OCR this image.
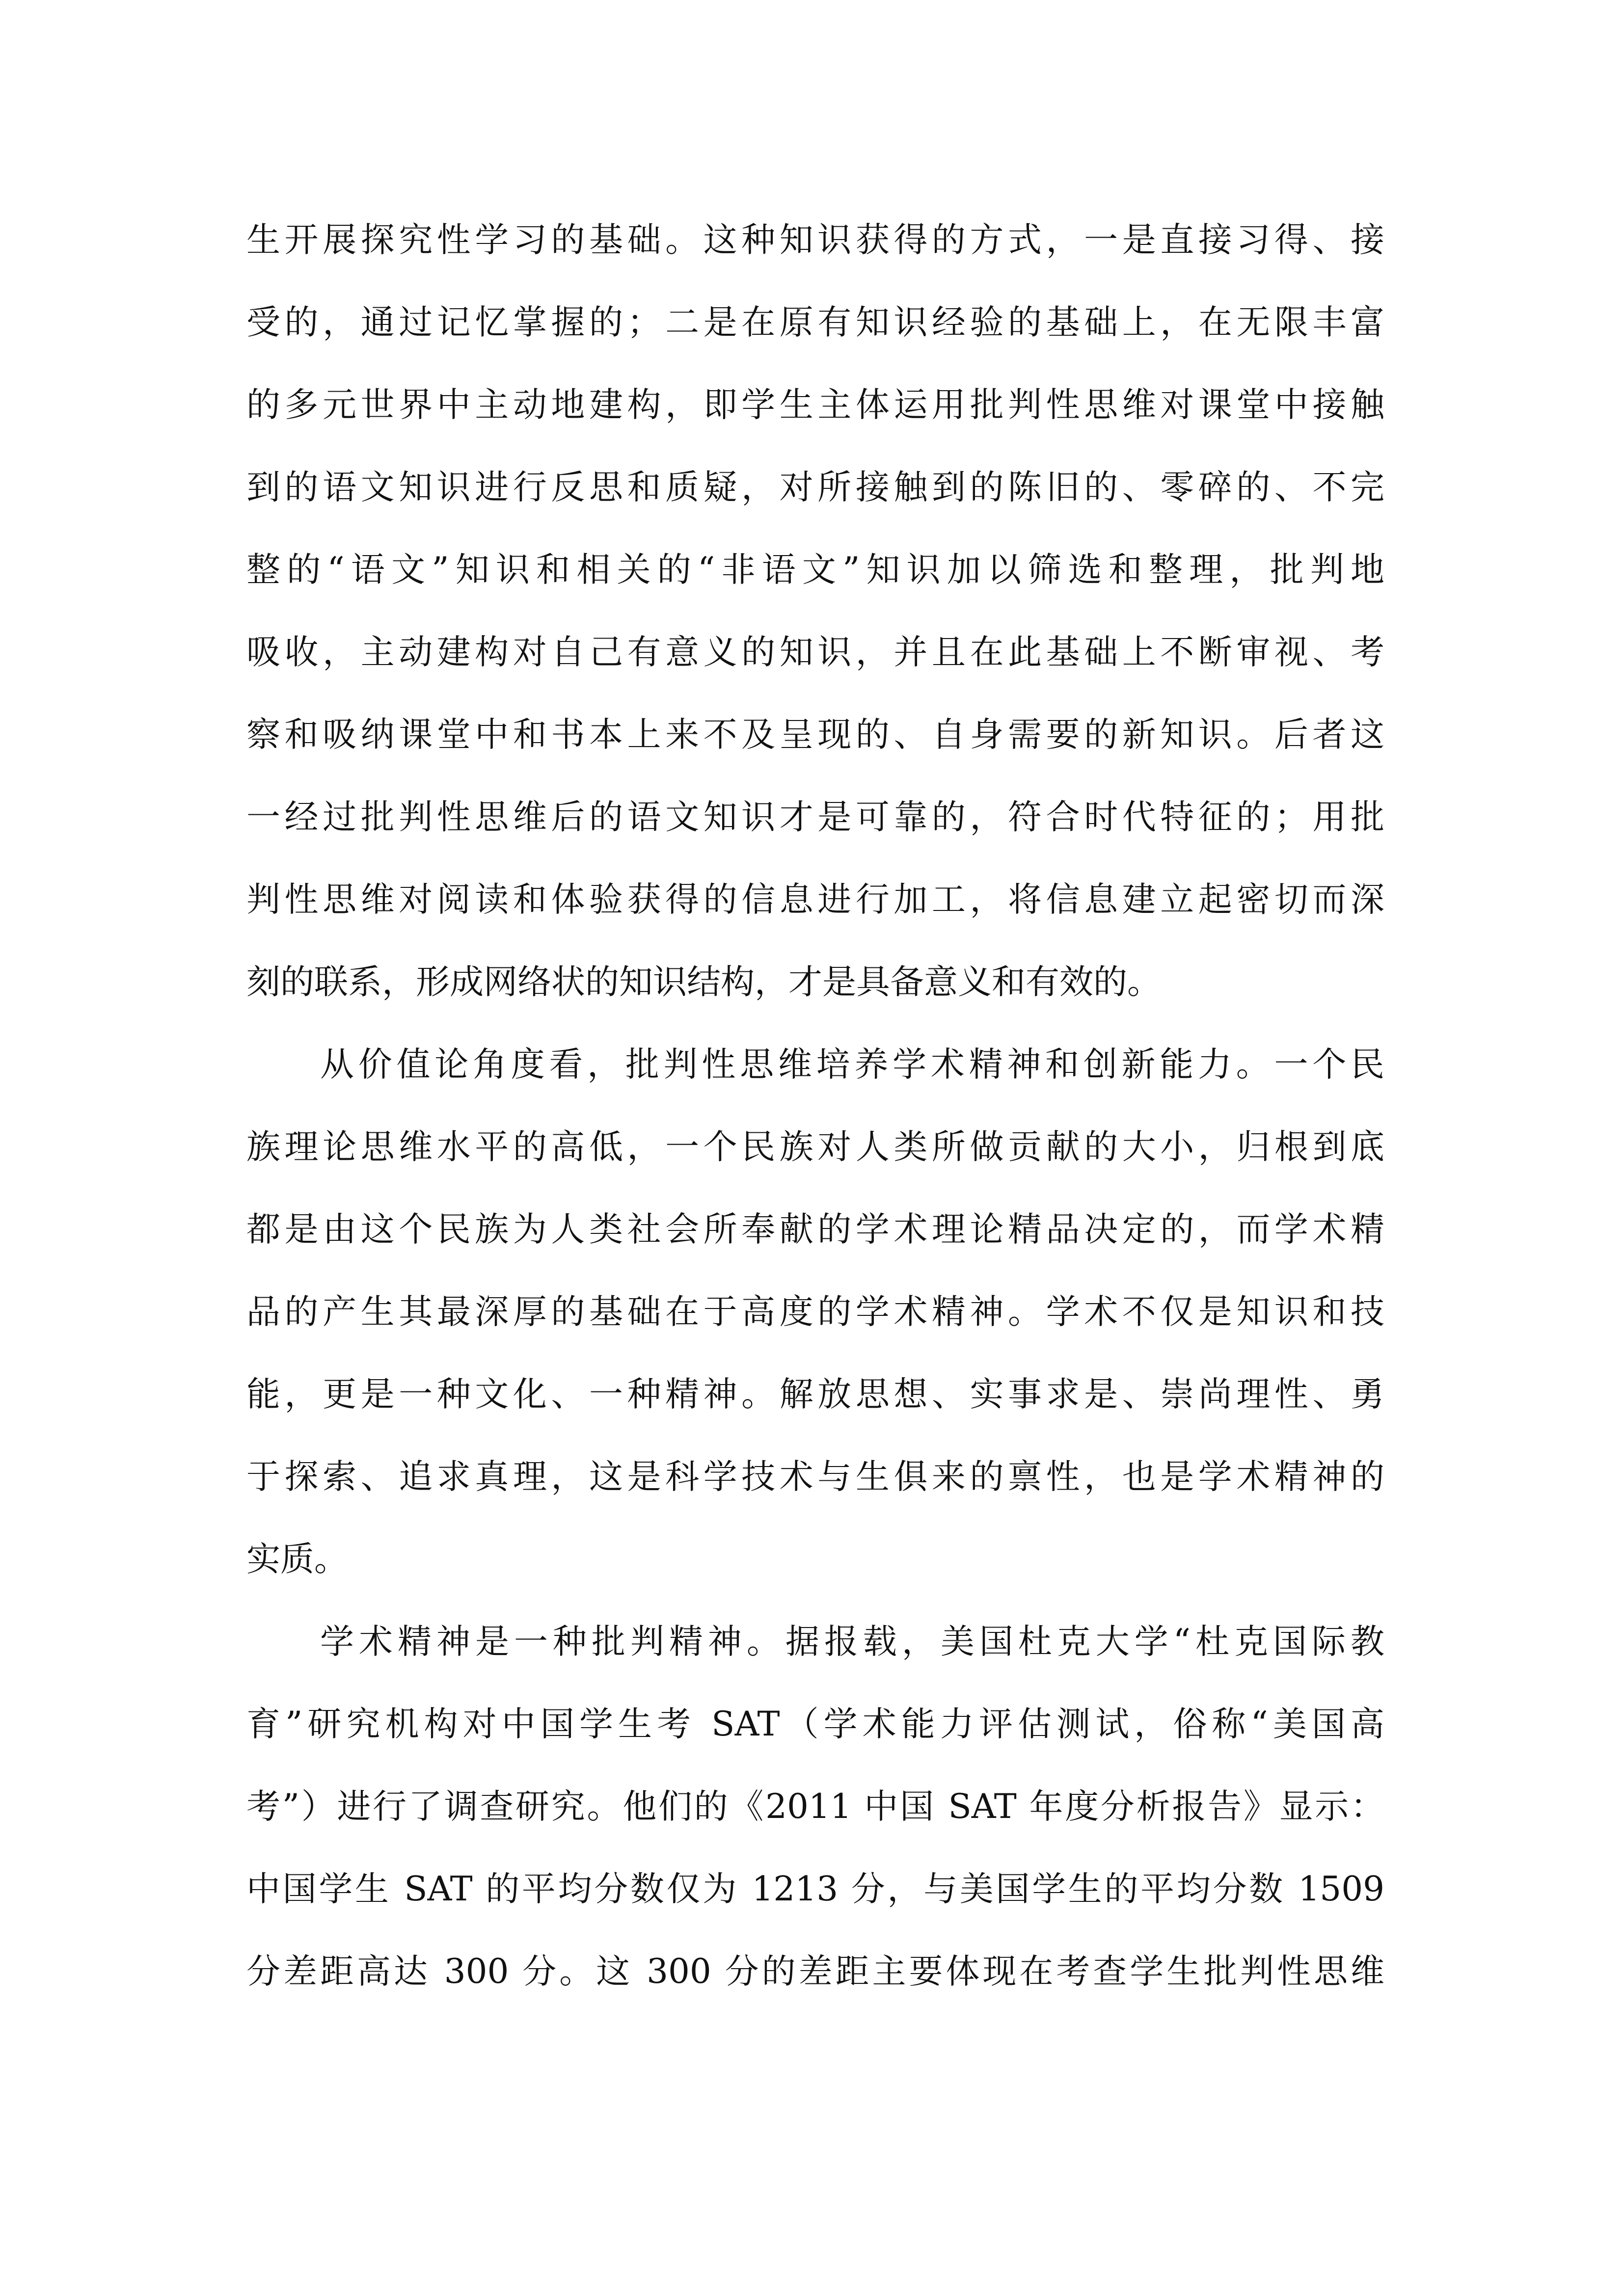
生开展探究性学习的基础。这种知识获得的方式，一是直接习得、接
受的，通过记忆掌握的；二是在原有知识经验的基础上，在无限丰富
的多元世界中主动地建构，即学生主体运用批判性思维对课堂中接触
到的语文知识进行反思和质疑，对所接触到的陈旧的、零碎的、不完
整的“语文”知识和相关的“非语文”知识加以筛选和整理，批判地
吸收，主动建构对自己有意义的知识，并且在此基础上不断审视、考
察和吸纳课堂中和书本上来不及呈现的、自身需要的新知识。后者这
一经过批判性思维后的语文知识才是可靠的，符合时代特征的；用批
判性思维对阅读和体验获得的信息进行加工，将信息建立起密切而深
刻的联系，形成网络状的知识结构，才是具备意义和有效的。
从价值论角度看，批判性思维培养学术精神和创新能力。一个民
族理论思维水平的高低，一个民族对人类所做贡献的大小，归根到底
都是由这个民族为人类社会所奉献的学术理论精品决定的，而学术精
品的产生其最深厚的基础在于高度的学术精神。学术不仅是知识和技
能，更是一种文化、一种精神。解放思想、实事求是、崇尚理性、勇
于探索、追求真理，这是科学技术与生俱来的禀性，也是学术精神的
实质。
学术精神是一种批判精神。据报载，美国杜克大学“杜克国际教
育”研究机构对中国学生考 SAT（学术能力评估测试，俗称“美国高
考”）进行了调查研究。他们的《2011 中国 SAT 年度分析报告》显示：
中国学生 SAT 的平均分数仅为 1213 分，与美国学生的平均分数 1509
分差距高达 300 分。这 300 分的差距主要体现在考查学生批判性思维
